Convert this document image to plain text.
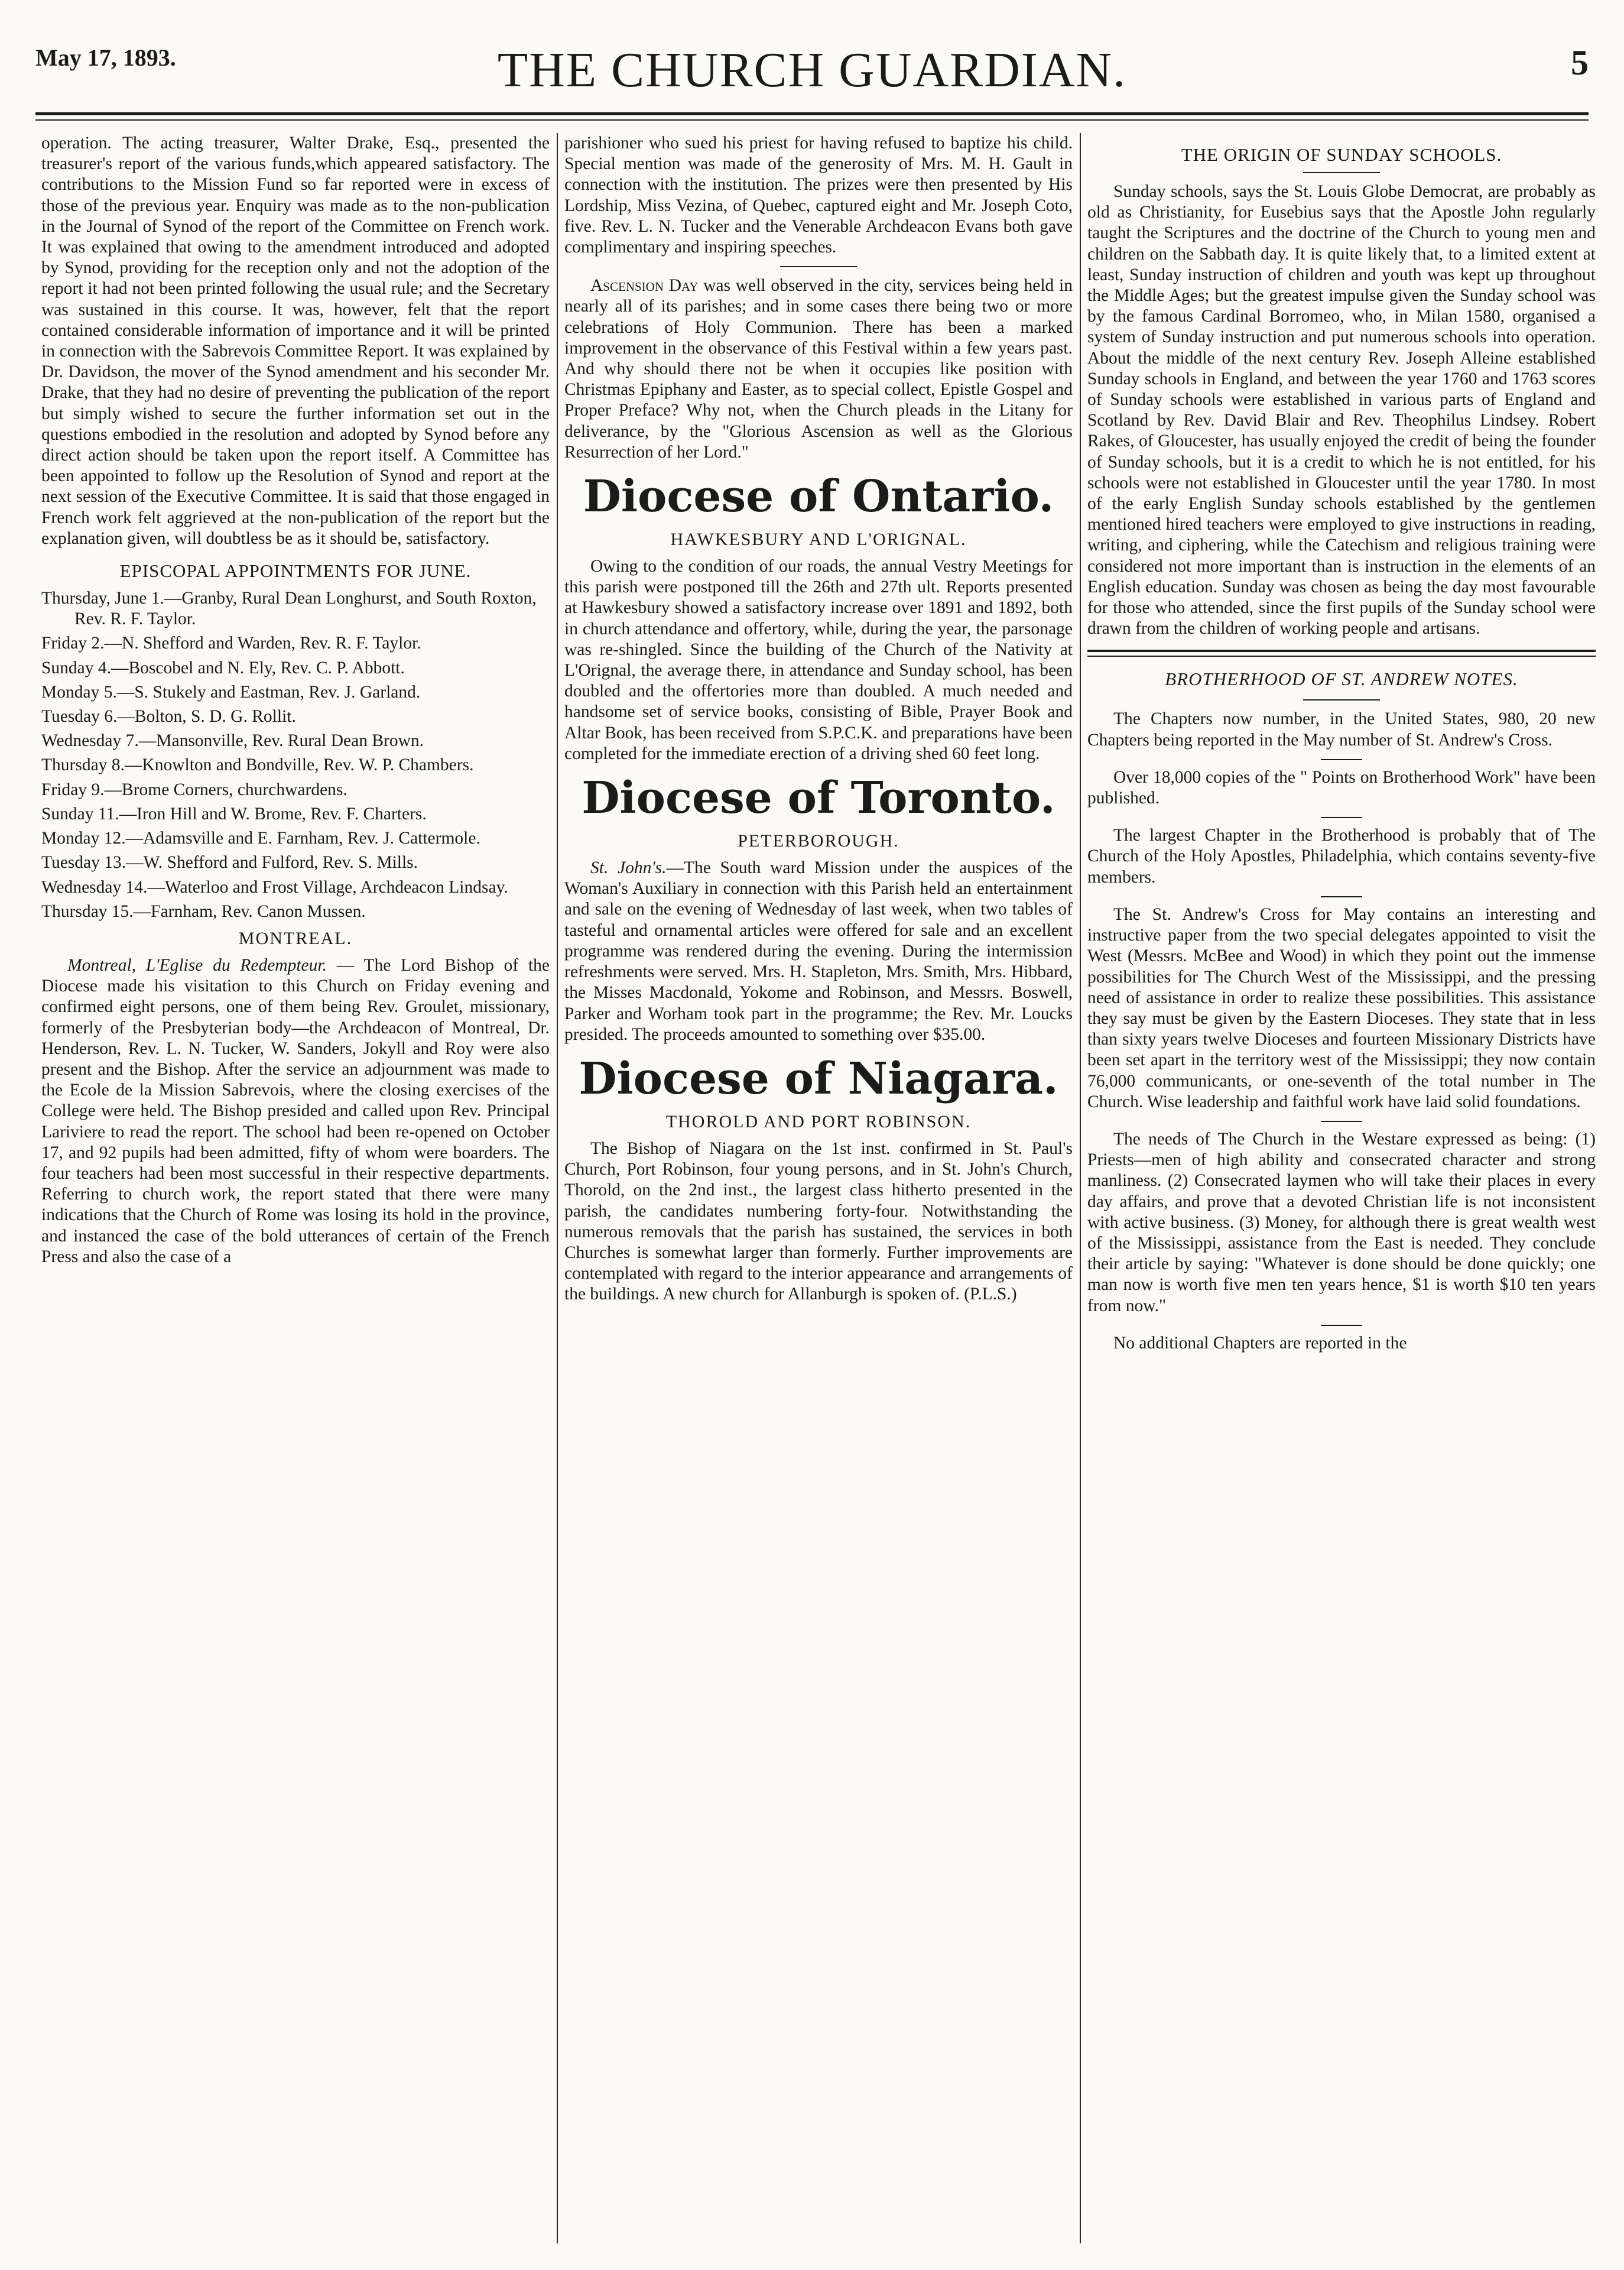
May 17, 1893.	THE CHURCH GUARDIAN.	5

operation. The acting treasurer, Walter Drake, Esq., presented the treasurer's report of the various funds,which appeared satisfactory. The contributions to the Mission Fund so far reported were in excess of those of the previous year. Enquiry was made as to the non-publication in the Journal of Synod of the report of the Committee on French work. It was explained that owing to the amendment introduced and adopted by Synod, providing for the reception only and not the adoption of the report it had not been printed following the usual rule; and the Secretary was sustained in this course. It was, however, felt that the report contained considerable information of importance and it will be printed in connection with the Sabrevois Committee Report. It was explained by Dr. Davidson, the mover of the Synod amendment and his seconder Mr. Drake, that they had no desire of preventing the publication of the report but simply wished to secure the further information set out in the questions embodied in the resolution and adopted by Synod before any direct action should be taken upon the report itself. A Committee has been appointed to follow up the Resolution of Synod and report at the next session of the Executive Committee. It is said that those engaged in French work felt aggrieved at the non-publication of the report but the explanation given, will doubtless be as it should be, satisfactory.

EPISCOPAL APPOINTMENTS FOR JUNE.
Thursday, June 1.—Granby, Rural Dean Longhurst, and South Roxton, Rev. R. F. Taylor.
Friday 2.—N. Shefford and Warden, Rev. R. F. Taylor.
Sunday 4.—Boscobel and N. Ely, Rev. C. P. Abbott.
Monday 5.—S. Stukely and Eastman, Rev. J. Garland.
Tuesday 6.—Bolton, S. D. G. Rollit.
Wednesday 7.—Mansonville, Rev. Rural Dean Brown.
Thursday 8.—Knowlton and Bondville, Rev. W. P. Chambers.
Friday 9.—Brome Corners, churchwardens.
Sunday 11.—Iron Hill and W. Brome, Rev. F. Charters.
Monday 12.—Adamsville and E. Farnham, Rev. J. Cattermole.
Tuesday 13.—W. Shefford and Fulford, Rev. S. Mills.
Wednesday 14.—Waterloo and Frost Village, Archdeacon Lindsay.
Thursday 15.—Farnham, Rev. Canon Mussen.
MONTREAL.

Montreal, L'Eglise du Redempteur. — The Lord Bishop of the Diocese made his visitation to this Church on Friday evening and confirmed eight persons, one of them being Rev. Groulet, missionary, formerly of the Presbyterian body—the Archdeacon of Montreal, Dr. Henderson, Rev. L. N. Tucker, W. Sanders, Jokyll and Roy were also present and the Bishop. After the service an adjournment was made to the Ecole de la Mission Sabrevois, where the closing exercises of the College were held. The Bishop presided and called upon Rev. Principal Lariviere to read the report. The school had been re-opened on October 17, and 92 pupils had been admitted, fifty of whom were boarders. The four teachers had been most successful in their respective departments. Referring to church work, the report stated that there were many indications that the Church of Rome was losing its hold in the province, and instanced the case of the bold utterances of certain of the French Press and also the case of a

parishioner who sued his priest for having refused to baptize his child. Special mention was made of the generosity of Mrs. M. H. Gault in connection with the institution. The prizes were then presented by His Lordship, Miss Vezina, of Quebec, captured eight and Mr. Joseph Coto, five. Rev. L. N. Tucker and the Venerable Archdeacon Evans both gave complimentary and inspiring speeches.

Ascension Day was well observed in the city, services being held in nearly all of its parishes; and in some cases there being two or more celebrations of Holy Communion. There has been a marked improvement in the observance of this Festival within a few years past. And why should there not be when it occupies like position with Christmas Epiphany and Easter, as to special collect, Epistle Gospel and Proper Preface? Why not, when the Church pleads in the Litany for deliverance, by the "Glorious Ascension as well as the Glorious Resurrection of her Lord."

Diocese of Ontario.
HAWKESBURY AND L'ORIGNAL.

Owing to the condition of our roads, the annual Vestry Meetings for this parish were postponed till the 26th and 27th ult. Reports presented at Hawkesbury showed a satisfactory increase over 1891 and 1892, both in church attendance and offertory, while, during the year, the parsonage was re-shingled. Since the building of the Church of the Nativity at L'Orignal, the average there, in attendance and Sunday school, has been doubled and the offertories more than doubled. A much needed and handsome set of service books, consisting of Bible, Prayer Book and Altar Book, has been received from S.P.C.K. and preparations have been completed for the immediate erection of a driving shed 60 feet long.

Diocese of Toronto.
PETERBOROUGH.

St. John's.—The South ward Mission under the auspices of the Woman's Auxiliary in connection with this Parish held an entertainment and sale on the evening of Wednesday of last week, when two tables of tasteful and ornamental articles were offered for sale and an excellent programme was rendered during the evening. During the intermission refreshments were served. Mrs. H. Stapleton, Mrs. Smith, Mrs. Hibbard, the Misses Macdonald, Yokome and Robinson, and Messrs. Boswell, Parker and Worham took part in the programme; the Rev. Mr. Loucks presided. The proceeds amounted to something over $35.00.

Diocese of Niagara.
THOROLD AND PORT ROBINSON.

The Bishop of Niagara on the 1st inst. confirmed in St. Paul's Church, Port Robinson, four young persons, and in St. John's Church, Thorold, on the 2nd inst., the largest class hitherto presented in the parish, the candidates numbering forty-four. Notwithstanding the numerous removals that the parish has sustained, the services in both Churches is somewhat larger than formerly. Further improvements are contemplated with regard to the interior appearance and arrangements of the buildings. A new church for Allanburgh is spoken of. (P.L.S.)

THE ORIGIN OF SUNDAY SCHOOLS.

Sunday schools, says the St. Louis Globe Democrat, are probably as old as Christianity, for Eusebius says that the Apostle John regularly taught the Scriptures and the doctrine of the Church to young men and children on the Sabbath day. It is quite likely that, to a limited extent at least, Sunday instruction of children and youth was kept up throughout the Middle Ages; but the greatest impulse given the Sunday school was by the famous Cardinal Borromeo, who, in Milan 1580, organised a system of Sunday instruction and put numerous schools into operation. About the middle of the next century Rev. Joseph Alleine established Sunday schools in England, and between the year 1760 and 1763 scores of Sunday schools were established in various parts of England and Scotland by Rev. David Blair and Rev. Theophilus Lindsey. Robert Rakes, of Gloucester, has usually enjoyed the credit of being the founder of Sunday schools, but it is a credit to which he is not entitled, for his schools were not established in Gloucester until the year 1780. In most of the early English Sunday schools established by the gentlemen mentioned hired teachers were employed to give instructions in reading, writing, and ciphering, while the Catechism and religious training were considered not more important than is instruction in the elements of an English education. Sunday was chosen as being the day most favourable for those who attended, since the first pupils of the Sunday school were drawn from the children of working people and artisans.

BROTHERHOOD OF ST. ANDREW NOTES.

The Chapters now number, in the United States, 980, 20 new Chapters being reported in the May number of St. Andrew's Cross.

Over 18,000 copies of the " Points on Brotherhood Work" have been published.

The largest Chapter in the Brotherhood is probably that of The Church of the Holy Apostles, Philadelphia, which contains seventy-five members.

The St. Andrew's Cross for May contains an interesting and instructive paper from the two special delegates appointed to visit the West (Messrs. McBee and Wood) in which they point out the immense possibilities for The Church West of the Mississippi, and the pressing need of assistance in order to realize these possibilities. This assistance they say must be given by the Eastern Dioceses. They state that in less than sixty years twelve Dioceses and fourteen Missionary Districts have been set apart in the territory west of the Mississippi; they now contain 76,000 communicants, or one-seventh of the total number in The Church. Wise leadership and faithful work have laid solid foundations.

The needs of The Church in the Westare expressed as being: (1) Priests—men of high ability and consecrated character and strong manliness. (2) Consecrated laymen who will take their places in every day affairs, and prove that a devoted Christian life is not inconsistent with active business. (3) Money, for although there is great wealth west of the Mississippi, assistance from the East is needed. They conclude their article by saying: "Whatever is done should be done quickly; one man now is worth five men ten years hence, $1 is worth $10 ten years from now."

No additional Chapters are reported in the
